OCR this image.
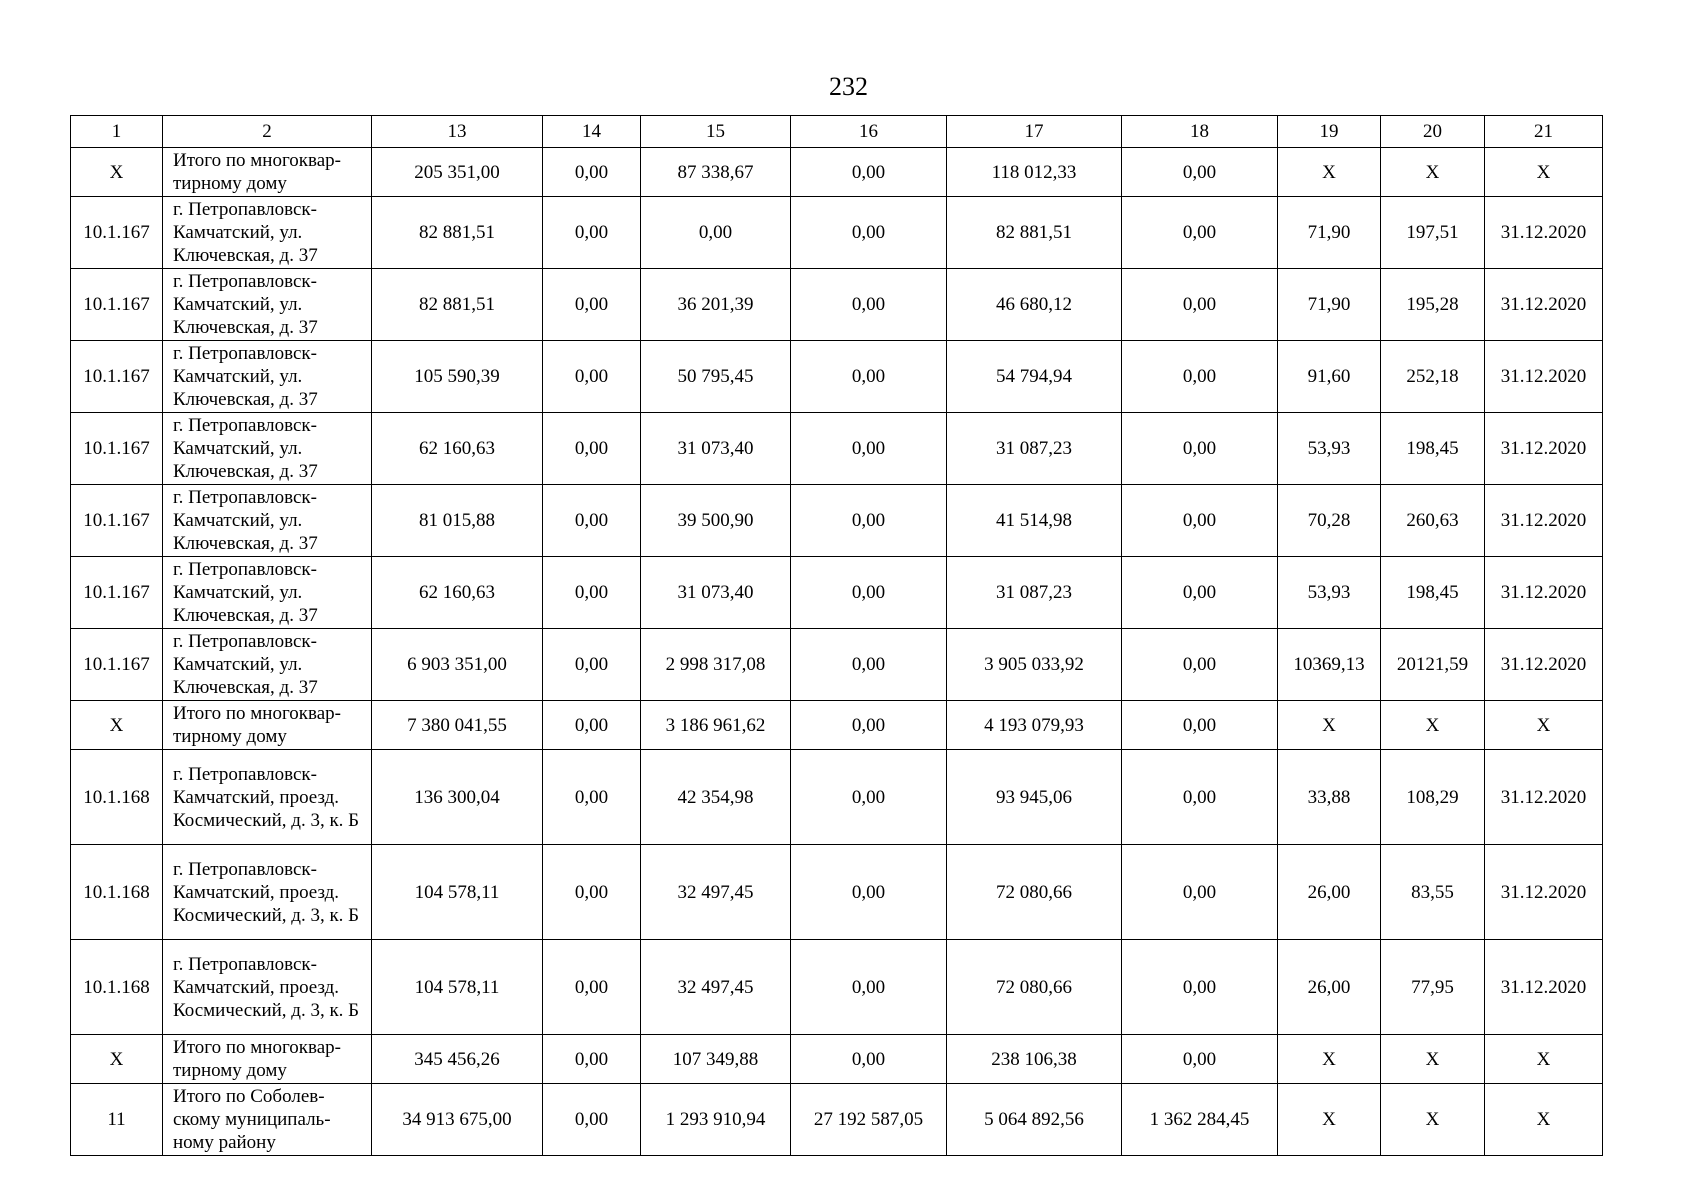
232
1	2	13	14	15	16	17	18	19	20	21
X	Итого по многоквар-тирному дому	205 351,00	0,00	87 338,67	0,00	118 012,33	0,00	X	X	X
10.1.167	г. Петропавловск-Камчатский, ул. Ключевская, д. 37	82 881,51	0,00	0,00	0,00	82 881,51	0,00	71,90	197,51	31.12.2020
10.1.167	г. Петропавловск-Камчатский, ул. Ключевская, д. 37	82 881,51	0,00	36 201,39	0,00	46 680,12	0,00	71,90	195,28	31.12.2020
10.1.167	г. Петропавловск-Камчатский, ул. Ключевская, д. 37	105 590,39	0,00	50 795,45	0,00	54 794,94	0,00	91,60	252,18	31.12.2020
10.1.167	г. Петропавловск-Камчатский, ул. Ключевская, д. 37	62 160,63	0,00	31 073,40	0,00	31 087,23	0,00	53,93	198,45	31.12.2020
10.1.167	г. Петропавловск-Камчатский, ул. Ключевская, д. 37	81 015,88	0,00	39 500,90	0,00	41 514,98	0,00	70,28	260,63	31.12.2020
10.1.167	г. Петропавловск-Камчатский, ул. Ключевская, д. 37	62 160,63	0,00	31 073,40	0,00	31 087,23	0,00	53,93	198,45	31.12.2020
10.1.167	г. Петропавловск-Камчатский, ул. Ключевская, д. 37	6 903 351,00	0,00	2 998 317,08	0,00	3 905 033,92	0,00	10369,13	20121,59	31.12.2020
X	Итого по многоквар-тирному дому	7 380 041,55	0,00	3 186 961,62	0,00	4 193 079,93	0,00	X	X	X
10.1.168	г. Петропавловск-Камчатский, проезд. Космический, д. 3, к. Б	136 300,04	0,00	42 354,98	0,00	93 945,06	0,00	33,88	108,29	31.12.2020
10.1.168	г. Петропавловск-Камчатский, проезд. Космический, д. 3, к. Б	104 578,11	0,00	32 497,45	0,00	72 080,66	0,00	26,00	83,55	31.12.2020
10.1.168	г. Петропавловск-Камчатский, проезд. Космический, д. 3, к. Б	104 578,11	0,00	32 497,45	0,00	72 080,66	0,00	26,00	77,95	31.12.2020
X	Итого по многоквар-тирному дому	345 456,26	0,00	107 349,88	0,00	238 106,38	0,00	X	X	X
11	Итого по Соболев-скому муниципаль-ному району	34 913 675,00	0,00	1 293 910,94	27 192 587,05	5 064 892,56	1 362 284,45	X	X	X
